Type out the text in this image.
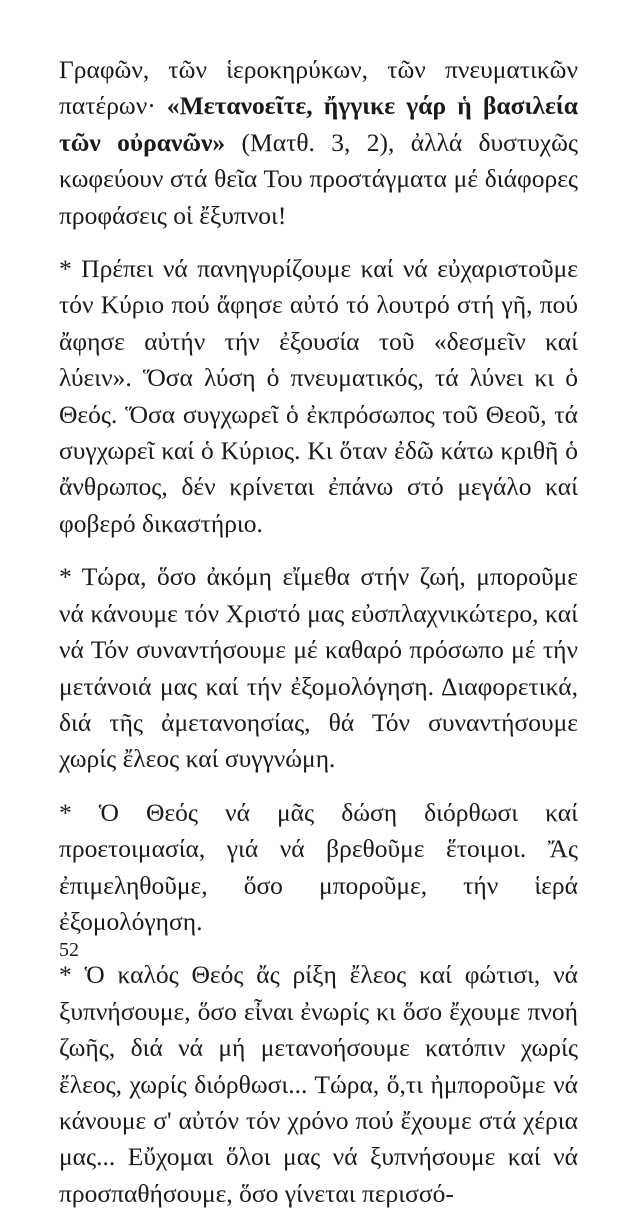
Γραφῶν, τῶν ἱεροκηρύκων, τῶν πνευματικῶν πατέρων· «Μετανοεῖτε, ἤγγικε γάρ ἡ βασιλεία τῶν οὐρανῶν» (Ματθ. 3, 2), ἀλλά δυστυχῶς κωφεύουν στά θεῖα Του προστάγματα μέ διάφορες προφάσεις οἱ ἔξυπνοι!

* Πρέπει νά πανηγυρίζουμε καί νά εὐχαριστοῦμε τόν Κύριο πού ἄφησε αὐτό τό λουτρό στή γῆ, πού ἄφησε αὐτήν τήν ἐξουσία τοῦ «δεσμεῖν καί λύειν». Ὅσα λύση ὁ πνευματικός, τά λύνει κι ὁ Θεός. Ὅσα συγχωρεῖ ὁ ἐκπρόσωπος τοῦ Θεοῦ, τά συγχωρεῖ καί ὁ Κύριος. Κι ὅταν ἐδῶ κάτω κριθῆ ὁ ἄνθρωπος, δέν κρίνεται ἐπάνω στό μεγάλο καί φοβερό δικαστήριο.

* Τώρα, ὅσο ἀκόμη εἴμεθα στήν ζωή, μποροῦμε νά κάνουμε τόν Χριστό μας εὐσπλαχνικώτερο, καί νά Τόν συναντήσουμε μέ καθαρό πρόσωπο μέ τήν μετάνοιά μας καί τήν ἐξομολόγηση. Διαφορετικά, διά τῆς ἀμετανοησίας, θά Τόν συναντήσουμε χωρίς ἔλεος καί συγγνώμη.

* Ὁ Θεός νά μᾶς δώση διόρθωσι καί προετοιμασία, γιά νά βρεθοῦμε ἕτοιμοι. Ἄς ἐπιμεληθοῦμε, ὅσο μποροῦμε, τήν ἱερά ἐξομολόγηση.

* Ὁ καλός Θεός ἄς ρίξη ἔλεος καί φώτισι, νά ξυπνήσουμε, ὅσο εἶναι ἐνωρίς κι ὅσο ἔχουμε πνοή ζωῆς, διά νά μή μετανοήσουμε κατόπιν χωρίς ἔλεος, χωρίς διόρθωσι... Τώρα, ὅ,τι ἠμποροῦμε νά κάνουμε σ' αὐτόν τόν χρόνο πού ἔχουμε στά χέρια μας... Εὔχομαι ὅλοι μας νά ξυπνήσουμε καί νά προσπαθήσουμε, ὅσο γίνεται περισσό-

52
